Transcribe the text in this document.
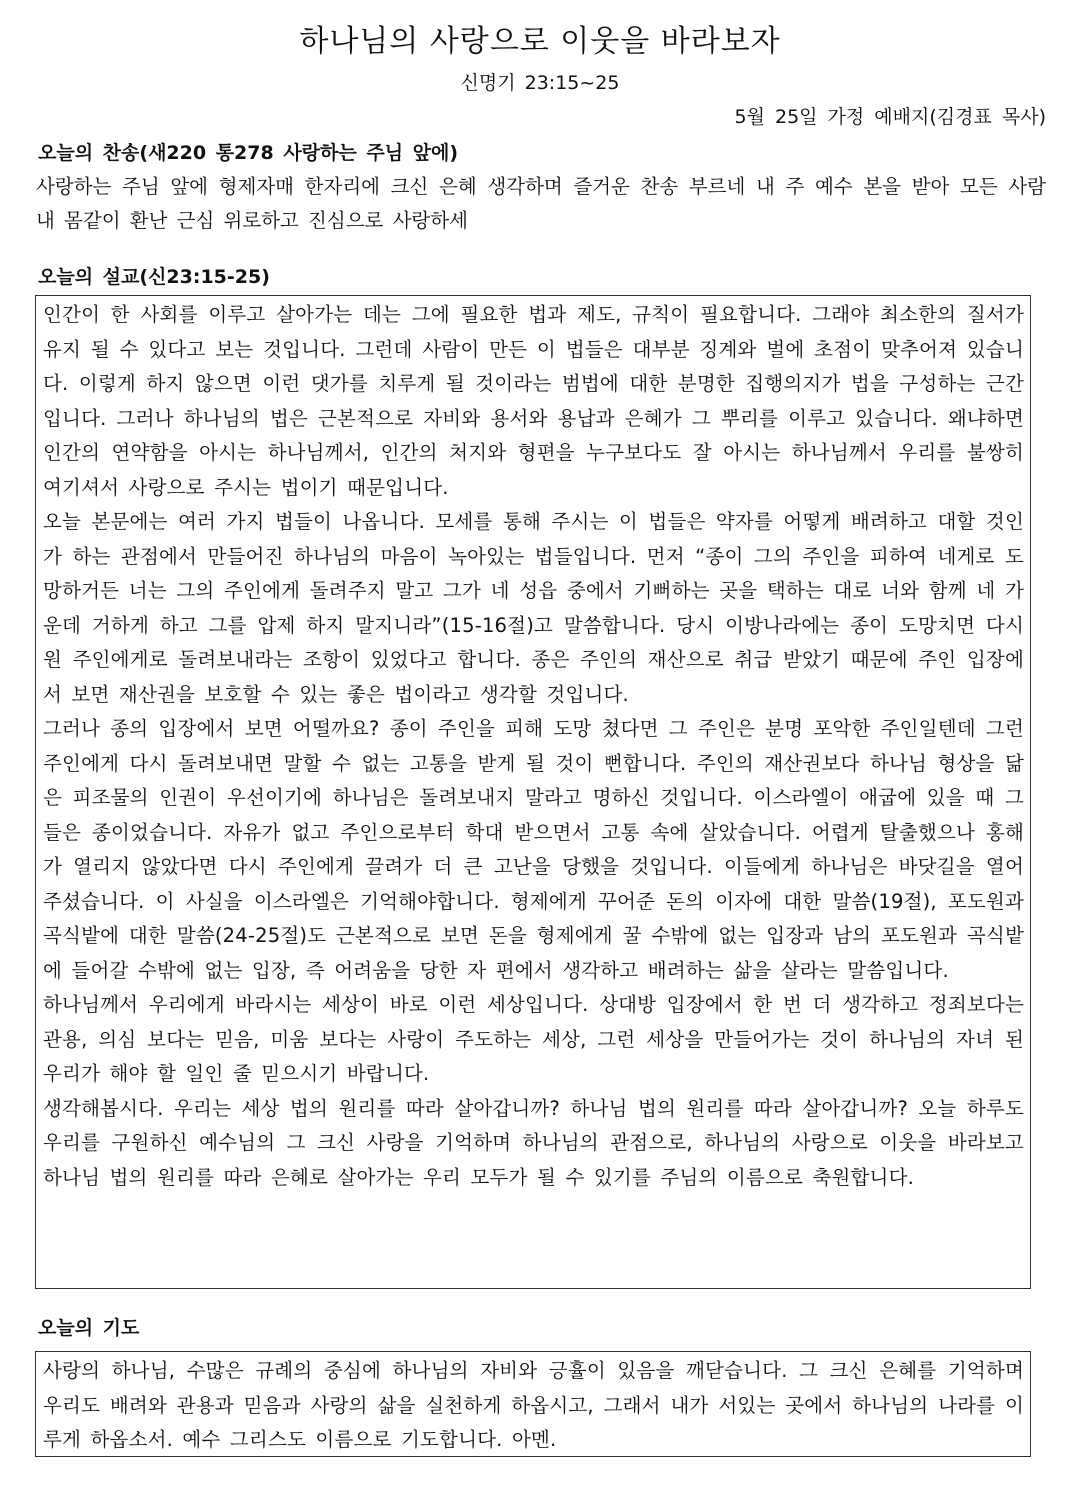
하나님의 사랑으로 이웃을 바라보자
신명기 23:15~25
5월 25일 가정 예배지(김경표 목사)
오늘의 찬송(새220 통278 사랑하는 주님 앞에)
사랑하는 주님 앞에 형제자매 한자리에 크신 은혜 생각하며 즐거운 찬송 부르네 내 주 예수 본을 받아 모든 사람 내 몸같이 환난 근심 위로하고 진심으로 사랑하세
오늘의 설교(신23:15-25)

인간이 한 사회를 이루고 살아가는 데는 그에 필요한 법과 제도, 규칙이 필요합니다. 그래야 최소한의 질서가 유지 될 수 있다고 보는 것입니다. 그런데 사람이 만든 이 법들은 대부분 징계와 벌에 초점이 맞추어져 있습니다. 이렇게 하지 않으면 이런 댓가를 치루게 될 것이라는 범법에 대한 분명한 집행의지가 법을 구성하는 근간입니다. 그러나 하나님의 법은 근본적으로 자비와 용서와 용납과 은혜가 그 뿌리를 이루고 있습니다. 왜냐하면 인간의 연약함을 아시는 하나님께서, 인간의 처지와 형편을 누구보다도 잘 아시는 하나님께서 우리를 불쌍히 여기셔서 사랑으로 주시는 법이기 때문입니다.

오늘 본문에는 여러 가지 법들이 나옵니다. 모세를 통해 주시는 이 법들은 약자를 어떻게 배려하고 대할 것인가 하는 관점에서 만들어진 하나님의 마음이 녹아있는 법들입니다. 먼저 “종이 그의 주인을 피하여 네게로 도망하거든 너는 그의 주인에게 돌려주지 말고 그가 네 성읍 중에서 기뻐하는 곳을 택하는 대로 너와 함께 네 가운데 거하게 하고 그를 압제 하지 말지니라”(15-16절)고 말씀합니다. 당시 이방나라에는 종이 도망치면 다시 원 주인에게로 돌려보내라는 조항이 있었다고 합니다. 종은 주인의 재산으로 취급 받았기 때문에 주인 입장에서 보면 재산권을 보호할 수 있는 좋은 법이라고 생각할 것입니다.

그러나 종의 입장에서 보면 어떨까요? 종이 주인을 피해 도망 쳤다면 그 주인은 분명 포악한 주인일텐데 그런 주인에게 다시 돌려보내면 말할 수 없는 고통을 받게 될 것이 뻔합니다. 주인의 재산권보다 하나님 형상을 닮은 피조물의 인권이 우선이기에 하나님은 돌려보내지 말라고 명하신 것입니다. 이스라엘이 애굽에 있을 때 그들은 종이었습니다. 자유가 없고 주인으로부터 학대 받으면서 고통 속에 살았습니다. 어렵게 탈출했으나 홍해가 열리지 않았다면 다시 주인에게 끌려가 더 큰 고난을 당했을 것입니다. 이들에게 하나님은 바닷길을 열어 주셨습니다. 이 사실을 이스라엘은 기억해야합니다. 형제에게 꾸어준 돈의 이자에 대한 말씀(19절), 포도원과 곡식밭에 대한 말씀(24-25절)도 근본적으로 보면 돈을 형제에게 꿀 수밖에 없는 입장과 남의 포도원과 곡식밭에 들어갈 수밖에 없는 입장, 즉 어려움을 당한 자 편에서 생각하고 배려하는 삶을 살라는 말씀입니다.

하나님께서 우리에게 바라시는 세상이 바로 이런 세상입니다. 상대방 입장에서 한 번 더 생각하고 정죄보다는 관용, 의심 보다는 믿음, 미움 보다는 사랑이 주도하는 세상, 그런 세상을 만들어가는 것이 하나님의 자녀 된 우리가 해야 할 일인 줄 믿으시기 바랍니다.

생각해봅시다. 우리는 세상 법의 원리를 따라 살아갑니까? 하나님 법의 원리를 따라 살아갑니까? 오늘 하루도 우리를 구원하신 예수님의 그 크신 사랑을 기억하며 하나님의 관점으로, 하나님의 사랑으로 이웃을 바라보고 하나님 법의 원리를 따라 은혜로 살아가는 우리 모두가 될 수 있기를 주님의 이름으로 축원합니다.

오늘의 기도

사랑의 하나님, 수많은 규례의 중심에 하나님의 자비와 긍휼이 있음을 깨닫습니다. 그 크신 은혜를 기억하며 우리도 배려와 관용과 믿음과 사랑의 삶을 실천하게 하옵시고, 그래서 내가 서있는 곳에서 하나님의 나라를 이루게 하옵소서. 예수 그리스도 이름으로 기도합니다. 아멘.
